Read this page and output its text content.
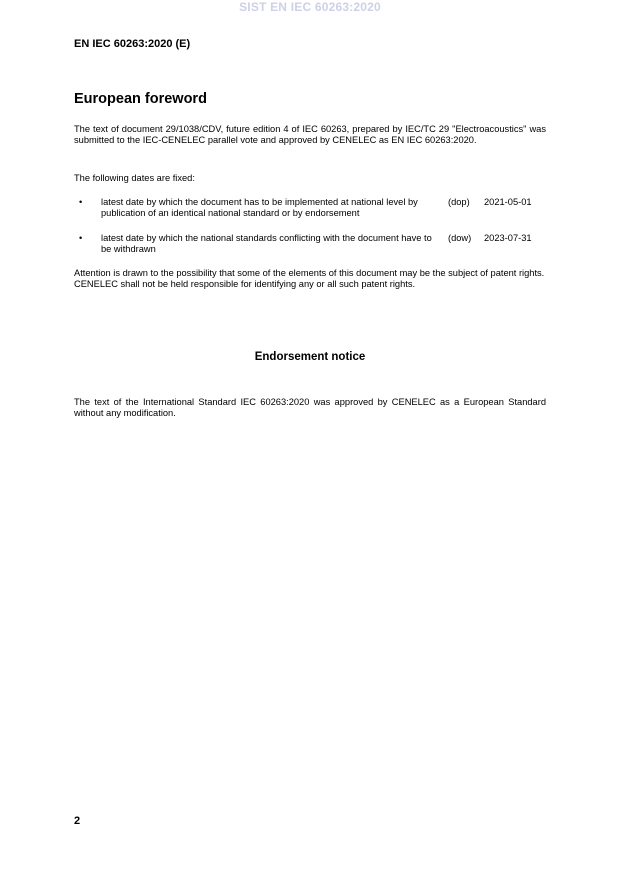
SIST EN IEC 60263:2020
EN IEC 60263:2020 (E)
European foreword
The text of document 29/1038/CDV, future edition 4 of IEC 60263, prepared by IEC/TC 29 "Electroacoustics" was submitted to the IEC-CENELEC parallel vote and approved by CENELEC as EN IEC 60263:2020.
The following dates are fixed:
• latest date by which the document has to be implemented at national level by publication of an identical national standard or by endorsement
(dop) 2021-05-01
• latest date by which the national standards conflicting with the document have to be withdrawn
(dow) 2023-07-31
Attention is drawn to the possibility that some of the elements of this document may be the subject of patent rights. CENELEC shall not be held responsible for identifying any or all such patent rights.
Endorsement notice
The text of the International Standard IEC 60263:2020 was approved by CENELEC as a European Standard without any modification.
2
